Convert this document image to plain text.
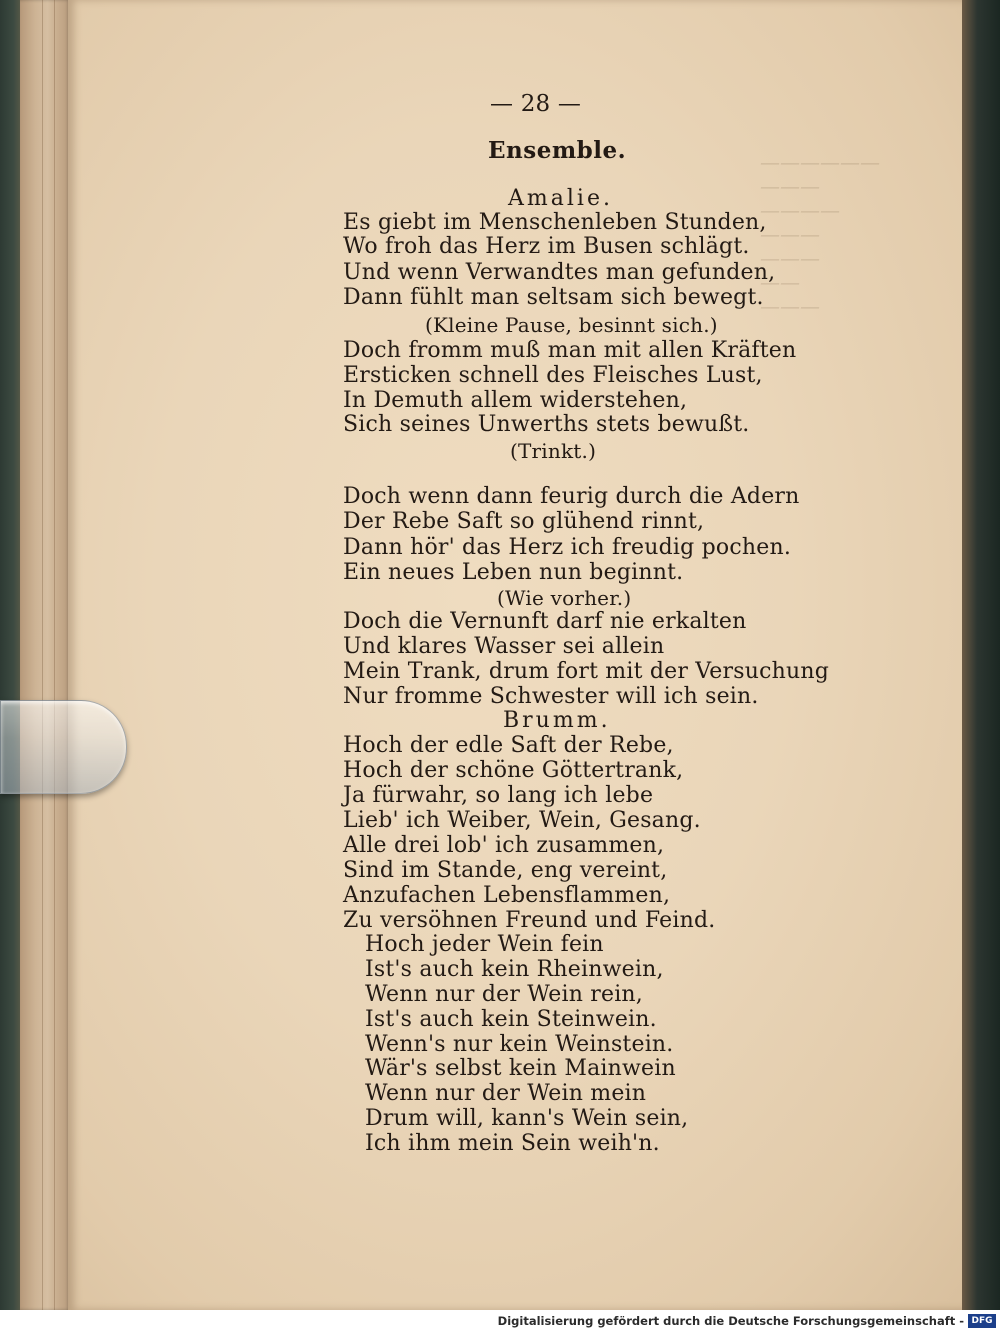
——————
———
————
———
———
——
———
— 28 —
Ensemble.
Amalie.
Es giebt im Menschenleben Stunden,
Wo froh das Herz im Busen schlägt.
Und wenn Verwandtes man gefunden,
Dann fühlt man seltsam sich bewegt.
(Kleine Pause, besinnt sich.)
Doch fromm muß man mit allen Kräften
Ersticken schnell des Fleisches Lust,
In Demuth allem widerstehen,
Sich seines Unwerths stets bewußt.
(Trinkt.)
Doch wenn dann feurig durch die Adern
Der Rebe Saft so glühend rinnt,
Dann hör' das Herz ich freudig pochen.
Ein neues Leben nun beginnt.
(Wie vorher.)
Doch die Vernunft darf nie erkalten
Und klares Wasser sei allein
Mein Trank, drum fort mit der Versuchung
Nur fromme Schwester will ich sein.
Brumm.
Hoch der edle Saft der Rebe,
Hoch der schöne Göttertrank,
Ja fürwahr, so lang ich lebe
Lieb' ich Weiber, Wein, Gesang.
Alle drei lob' ich zusammen,
Sind im Stande, eng vereint,
Anzufachen Lebensflammen,
Zu versöhnen Freund und Feind.
Hoch jeder Wein fein
Ist's auch kein Rheinwein,
Wenn nur der Wein rein,
Ist's auch kein Steinwein.
Wenn's nur kein Weinstein.
Wär's selbst kein Mainwein
Wenn nur der Wein mein
Drum will, kann's Wein sein,
Ich ihm mein Sein weih'n.
Digitalisierung gefördert durch die Deutsche Forschungsgemeinschaft - DFG
